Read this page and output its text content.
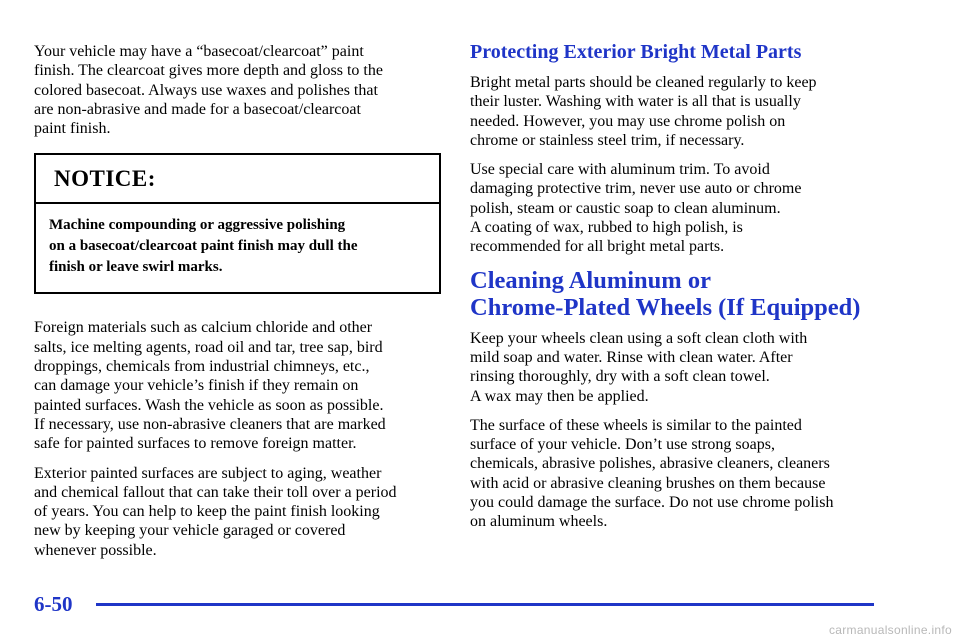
Your vehicle may have a “basecoat/clearcoat” paint
finish. The clearcoat gives more depth and gloss to the
colored basecoat. Always use waxes and polishes that
are non‑abrasive and made for a basecoat/clearcoat
paint finish.

NOTICE:
Machine compounding or aggressive polishing
on a basecoat/clearcoat paint finish may dull the
finish or leave swirl marks.

Foreign materials such as calcium chloride and other
salts, ice melting agents, road oil and tar, tree sap, bird
droppings, chemicals from industrial chimneys, etc.,
can damage your vehicle’s finish if they remain on
painted surfaces. Wash the vehicle as soon as possible.
If necessary, use non‑abrasive cleaners that are marked
safe for painted surfaces to remove foreign matter.

Exterior painted surfaces are subject to aging, weather
and chemical fallout that can take their toll over a period
of years. You can help to keep the paint finish looking
new by keeping your vehicle garaged or covered
whenever possible.

Protecting Exterior Bright Metal Parts

Bright metal parts should be cleaned regularly to keep
their luster. Washing with water is all that is usually
needed. However, you may use chrome polish on
chrome or stainless steel trim, if necessary.

Use special care with aluminum trim. To avoid
damaging protective trim, never use auto or chrome
polish, steam or caustic soap to clean aluminum.
A coating of wax, rubbed to high polish, is
recommended for all bright metal parts.

Cleaning Aluminum or
Chrome-Plated Wheels (If Equipped)

Keep your wheels clean using a soft clean cloth with
mild soap and water. Rinse with clean water. After
rinsing thoroughly, dry with a soft clean towel.
A wax may then be applied.

The surface of these wheels is similar to the painted
surface of your vehicle. Don’t use strong soaps,
chemicals, abrasive polishes, abrasive cleaners, cleaners
with acid or abrasive cleaning brushes on them because
you could damage the surface. Do not use chrome polish
on aluminum wheels.

6-50
carmanualsonline.info
